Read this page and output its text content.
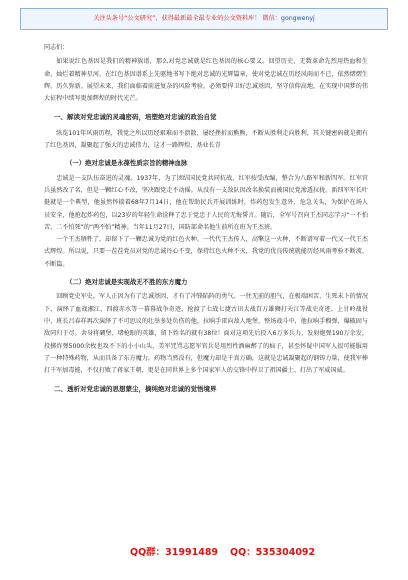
关注头条号“公文研究”，获得最新最全最专业的公文资料库！ 微信：gongwenyj

同志们：

如果说红色基因是我们的精神族谱，那么对党忠诚就是红色基因的核心要义。回望历史，无数革命先烈用热血和生命，灿烂着精神星河，在红色基因谱系上先驱地书写下绝对忠诚的光辉篇章，使对党忠诚在历经风雨而不已，依然熠熠生辉。历久弥新。展望未来，我们面临着前进复杂的风险考验，必须要捍卫好忠诚基因，坚守信仰高地，在实现中国梦的伟大征程中续写更加辉煌的时代光芒。

一、解读对党忠诚的灵魂密码，培塑绝对忠诚的政治自觉

纵览101年风雨历程，我党之所以历经艰难而不溃散、屡经挫折而熊熊，不断从胜利走向胜利，其关键密码就是拥有了红色基因，凝聚起了强大的忠诚伟力，这才一路辉煌、基业长青

（一）绝对忠诚是永葆性质宗旨的精神血脉

忠诚是一支队伍奋进的灵魂。1937年，为了团结国民党共同抗战，红军按受改编，整合为八路军和新四军。红军官兵虽然改了名，但是一颗红心不改，坚决跟党走不动摇。从没有一支敌队因改名换装而被国民党渗透拉拢。新四军军长叶挺就是一个典型，他虽然怀揣着68年7月14日，他在帮助民兵开展训练时，炸药包发生意外，危急关头，为保护在场人员安全，他抢起炸药包，以23岁的年轻生命诠释了忠于党忠于人民的无悔誓言。随后，全军号召向王杰同志学习“一不怕苦、二不怕死”的“两不怕”精神。当年11月27日，国防部命名他生前所在班为王杰班。

一个王杰牺牲了，却留下了一颗忠诚为党的红色火种。一代代王杰传人，高擎这一火种，不断谱写着一代又一代王杰式辉煌。所以说，只要一茬茬党员对党的忠诚丹心不变，保持红色火种不灭，我党的优良传统就能历经风雨考验不断流、不断篇。

（二）绝对忠诚是实现战无不胜的东方魔力

回顾党史军史，军人正因为有了忠诚基因，才有了冲锋陷阵的勇气、一往无前的胆气，在极端困苦、生死未卜的情况下，演绎了血战湘江、四渡赤水等一幕幕战争奇迹。抢渡了七战七捷古田大战百万雄狮打天江等战史奇迹。上甘岭战役中，班长吕春祥再次演绎了不可思议的壮举多处负伤的他，拉响手雷向敌人地堡，整场战斗中，他拉响手榴弹，爆破固与敌同归于尽。舍身将碉堡、堵枪眼的英雄，留下姓名的就有38位！面对这项先后投入6万多兵力、发射炮弹190万余发，投掷炸弹5000余枚也攻不下的小小山头，美军咒骂志愿军官兵是用烈性酒麻醉了的疯子，甚至怀疑中国军人很可能服用了一种特殊药物，从而具备了东方魔力。药物当然没有，但魔力却是千真万确，这就是忠诚凝聚起的钢铸力量，使我军棒打千军加毒能，不仅打败了蒋家王朝，更是在同世界上多个国家军人的交锋中捍卫了祖国疆土、打出了军威国威。

二、透析对党忠诚的思想蒙尘，摘纯绝对忠诚的觉悟境界
QQ群：31991489 QQ：535304092
